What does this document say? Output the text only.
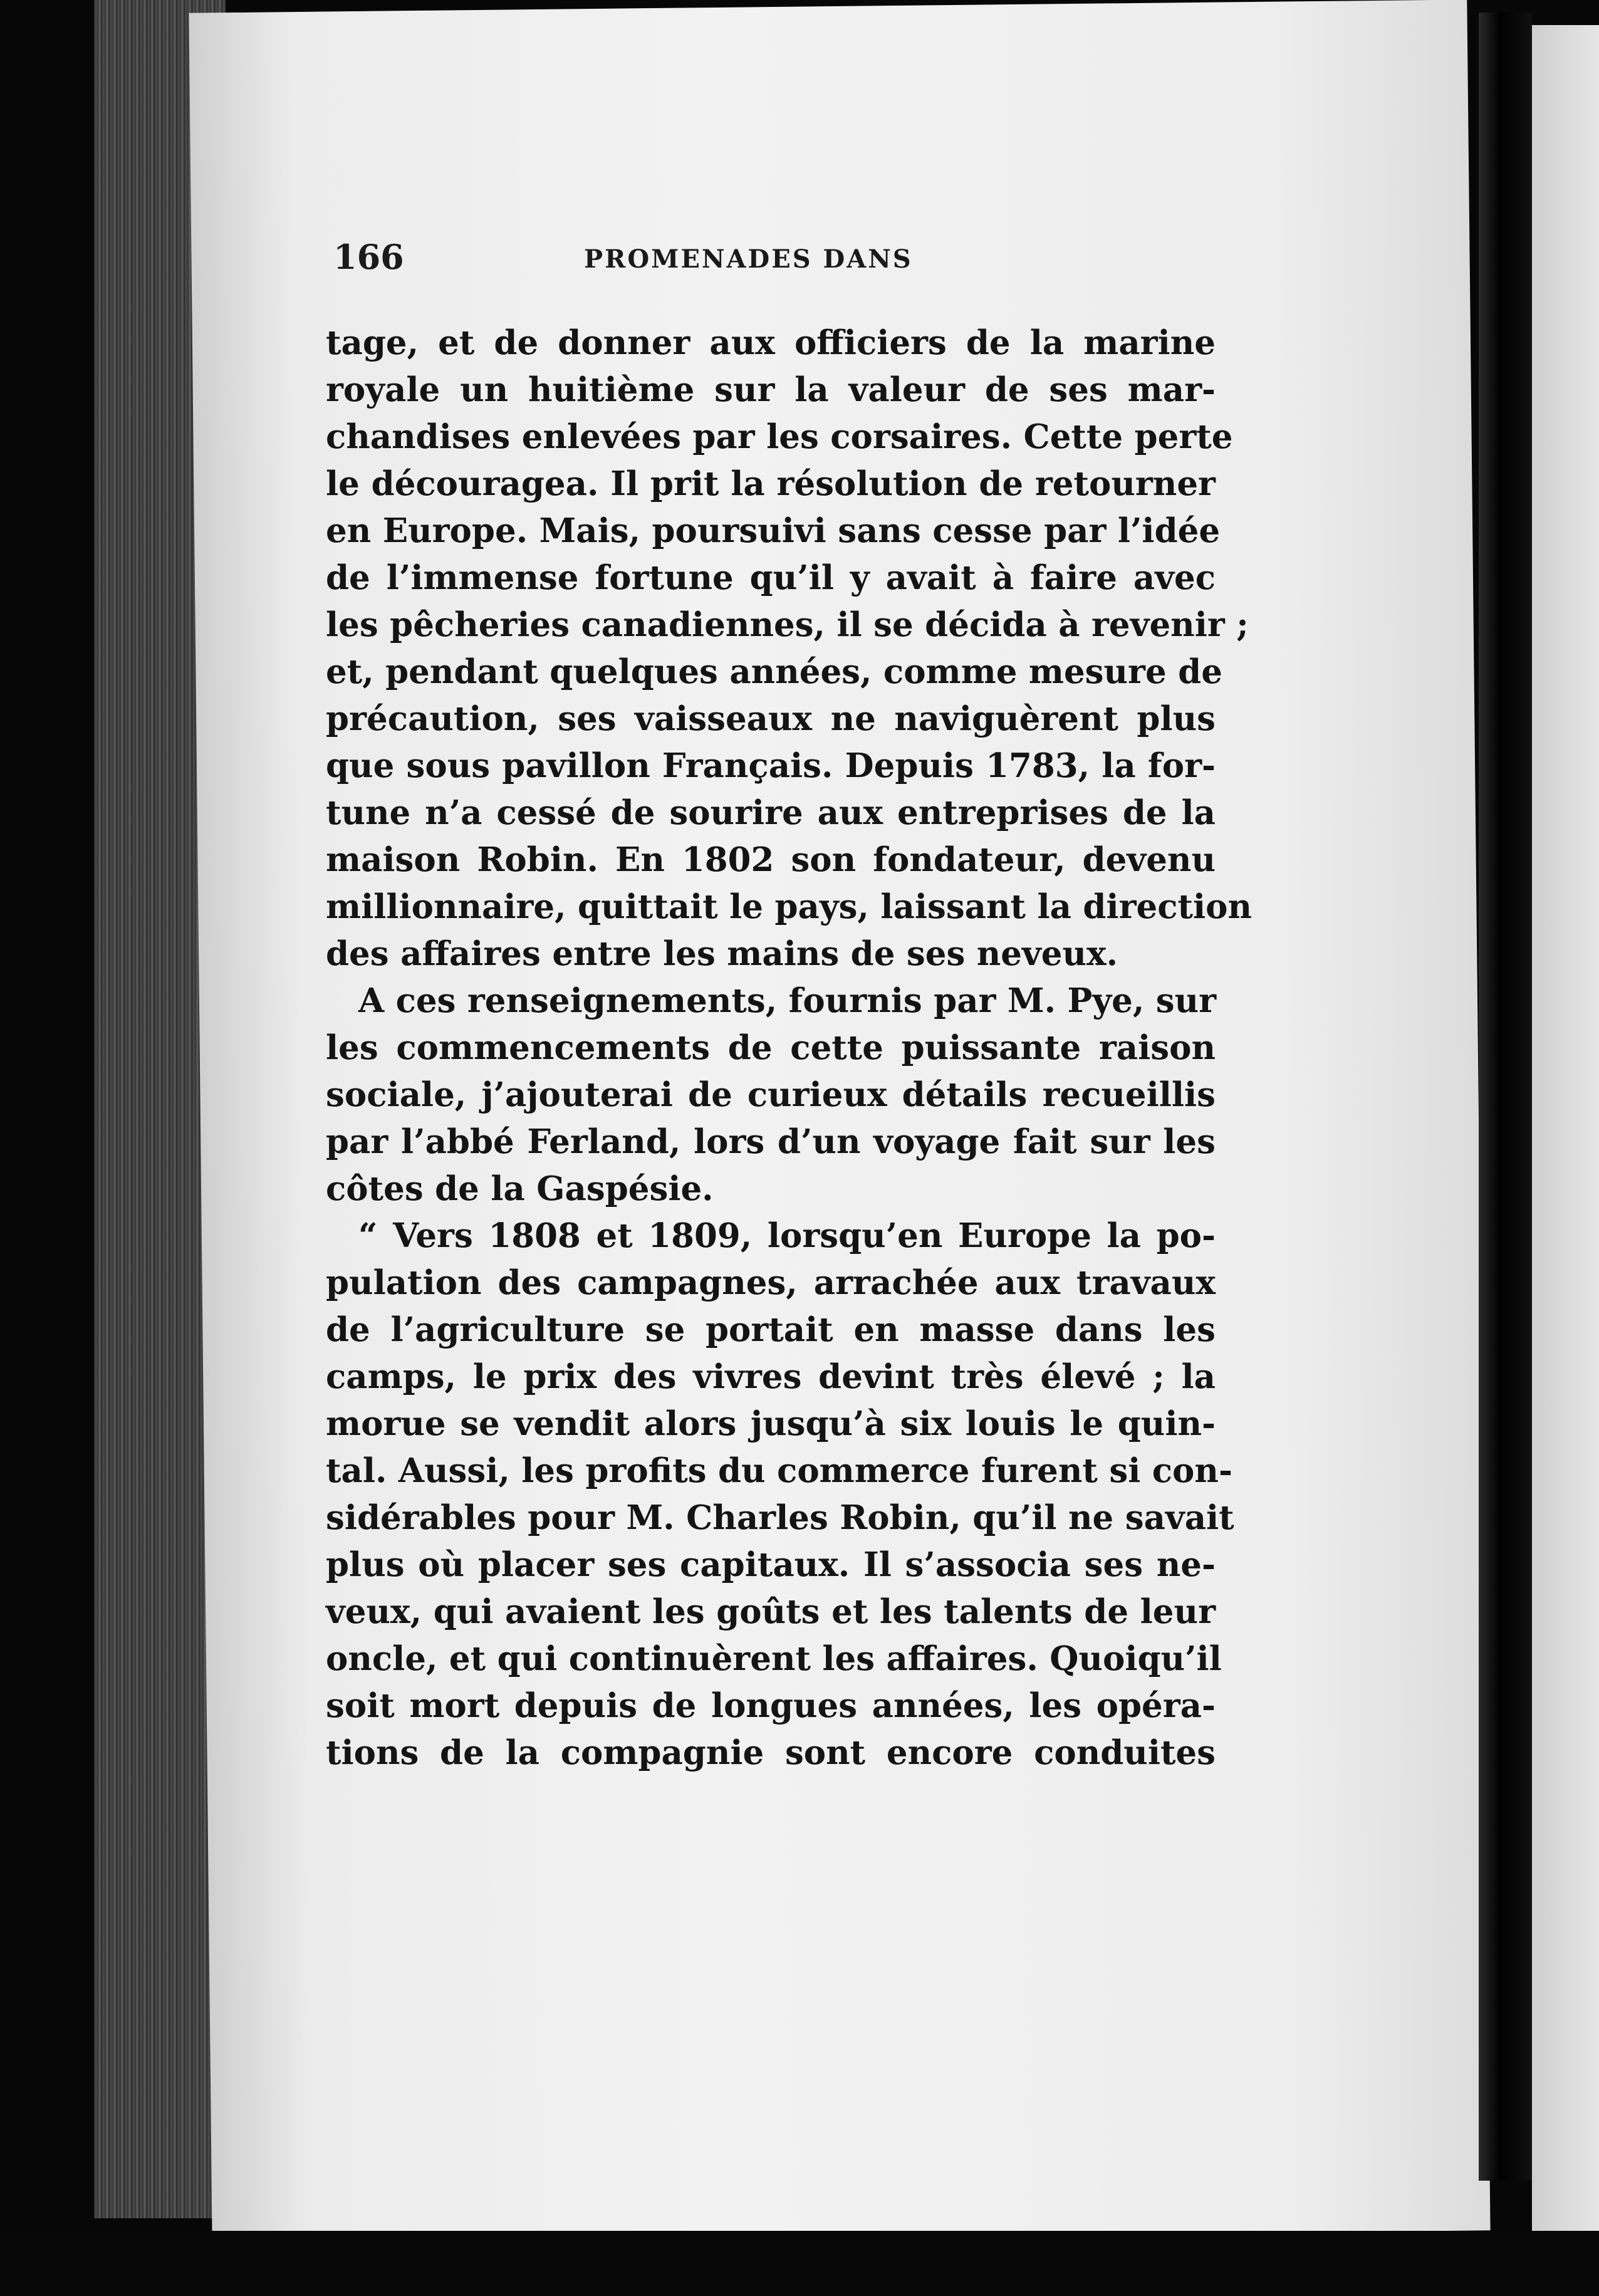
166	PROMENADES DANS

tage, et de donner aux officiers de la marine
royale un huitième sur la valeur de ses mar-
chandises enlevées par les corsaires. Cette perte
le découragea. Il prit la résolution de retourner
en Europe. Mais, poursuivi sans cesse par l’idée
de l’immense fortune qu’il y avait à faire avec
les pêcheries canadiennes, il se décida à revenir ;
et, pendant quelques années, comme mesure de
précaution, ses vaisseaux ne naviguèrent plus
que sous pavillon Français. Depuis 1783, la for-
tune n’a cessé de sourire aux entreprises de la
maison Robin. En 1802 son fondateur, devenu
millionnaire, quittait le pays, laissant la direction
des affaires entre les mains de ses neveux.

A ces renseignements, fournis par M. Pye, sur
les commencements de cette puissante raison
sociale, j’ajouterai de curieux détails recueillis
par l’abbé Ferland, lors d’un voyage fait sur les
côtes de la Gaspésie.

“ Vers 1808 et 1809, lorsqu’en Europe la po-
pulation des campagnes, arrachée aux travaux
de l’agriculture se portait en masse dans les
camps, le prix des vivres devint très élevé ; la
morue se vendit alors jusqu’à six louis le quin-
tal. Aussi, les profits du commerce furent si con-
sidérables pour M. Charles Robin, qu’il ne savait
plus où placer ses capitaux. Il s’associa ses ne-
veux, qui avaient les goûts et les talents de leur
oncle, et qui continuèrent les affaires. Quoiqu’il
soit mort depuis de longues années, les opéra-
tions de la compagnie sont encore conduites
